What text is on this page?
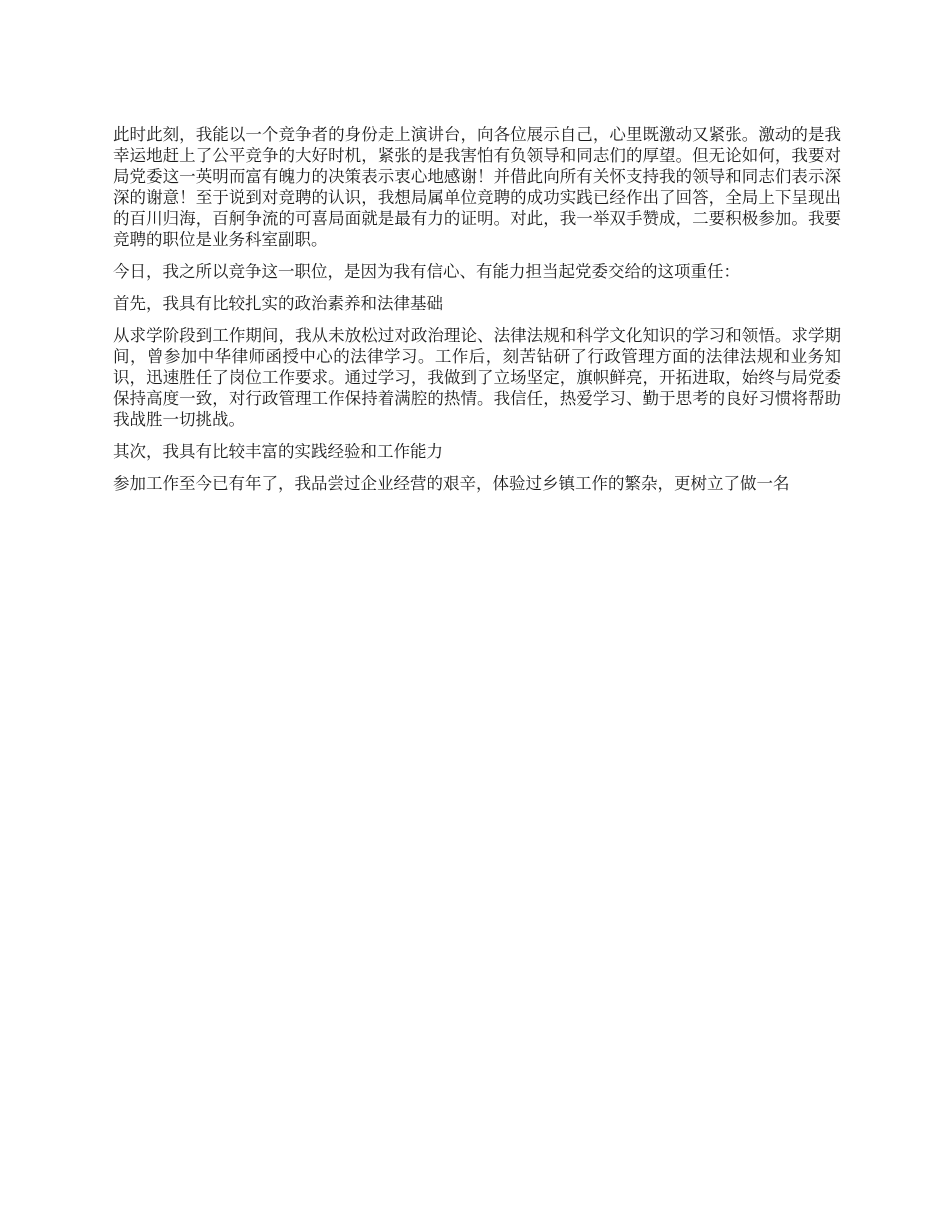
此时此刻，我能以一个竞争者的身份走上演讲台，向各位展示自己，心里既激动又紧张。激动的是我幸运地赶上了公平竞争的大好时机，紧张的是我害怕有负领导和同志们的厚望。但无论如何，我要对局党委这一英明而富有魄力的决策表示衷心地感谢！并借此向所有关怀支持我的领导和同志们表示深深的谢意！至于说到对竞聘的认识，我想局属单位竞聘的成功实践已经作出了回答，全局上下呈现出的百川归海，百舸争流的可喜局面就是最有力的证明。对此，我一举双手赞成，二要积极参加。我要竞聘的职位是业务科室副职。

今日，我之所以竞争这一职位，是因为我有信心、有能力担当起党委交给的这项重任：

首先，我具有比较扎实的政治素养和法律基础

从求学阶段到工作期间，我从未放松过对政治理论、法律法规和科学文化知识的学习和领悟。求学期间，曾参加中华律师函授中心的法律学习。工作后，刻苦钻研了行政管理方面的法律法规和业务知识，迅速胜任了岗位工作要求。通过学习，我做到了立场坚定，旗帜鲜亮，开拓进取，始终与局党委保持高度一致，对行政管理工作保持着满腔的热情。我信任，热爱学习、勤于思考的良好习惯将帮助我战胜一切挑战。

其次，我具有比较丰富的实践经验和工作能力

参加工作至今已有年了，我品尝过企业经营的艰辛，体验过乡镇工作的繁杂，更树立了做一名
